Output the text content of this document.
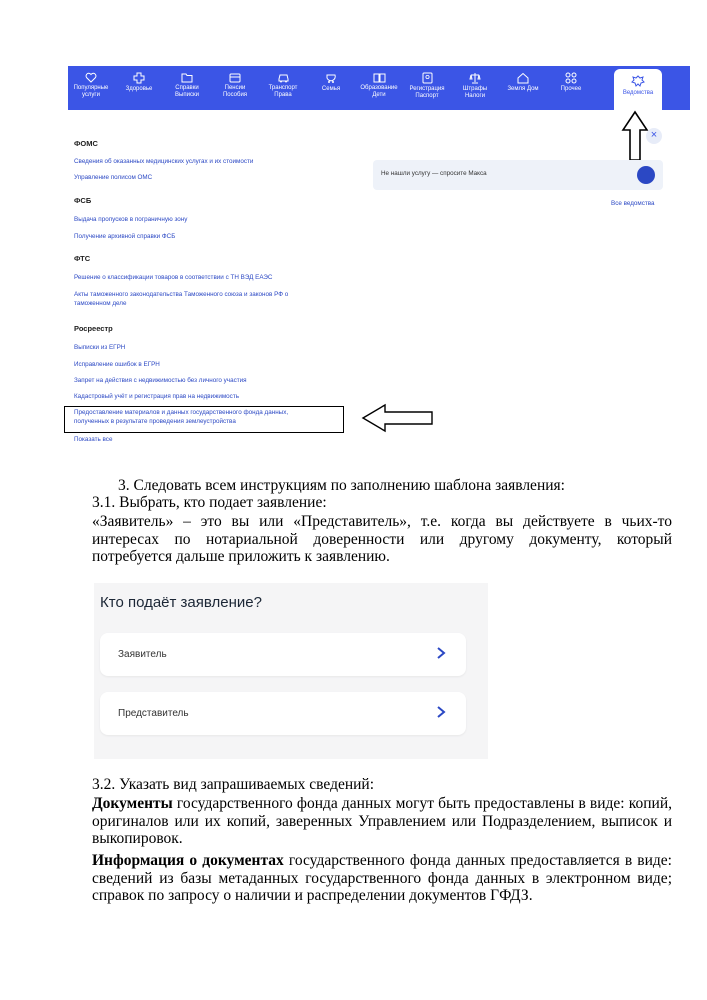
Популярные
услуги
Здоровье	Справки
Выписки
Пенсии
Пособия
Транспорт
Права
Семья	Образование
Дети
Регистрация
Паспорт
Штрафы
Налоги
Земля Дом	Прочее
Ведомства
×
Не нашли услугу — спросите Макса
Все ведомства
ФОМС
Сведения об оказанных медицинских услугах и их стоимости
Управление полисом ОМС
ФСБ
Выдача пропусков в пограничную зону
Получение архивной справки ФСБ
ФТС
Решение о классификации товаров в соответствии с ТН ВЭД ЕАЭС
Акты таможенного законодательства Таможенного союза и законов РФ о
таможенном деле
Росреестр
Выписки из ЕГРН
Исправление ошибок в ЕГРН
Запрет на действия с недвижимостью без личного участия
Кадастровый учёт и регистрация прав на недвижимость
Предоставление материалов и данных государственного фонда данных,
полученных в результате проведения землеустройства
Показать все
3. Следовать всем инструкциям по заполнению шаблона заявления:
3.1. Выбрать, кто подает заявление:
«Заявитель» – это вы или «Представитель», т.е. когда вы действуете в чьих-то интересах по нотариальной доверенности или другому документу, который потребуется дальше приложить к заявлению.
Кто подаёт заявление?
Заявитель
Представитель
3.2. Указать вид запрашиваемых сведений:
Документы государственного фонда данных могут быть предоставлены в виде: копий, оригиналов или их копий, заверенных Управлением или Подразделением, выписок и выкопировок.
Информация о документах государственного фонда данных предоставляется в виде: сведений из базы метаданных государственного фонда данных в электронном виде; справок по запросу о наличии и распределении документов ГФДЗ.
